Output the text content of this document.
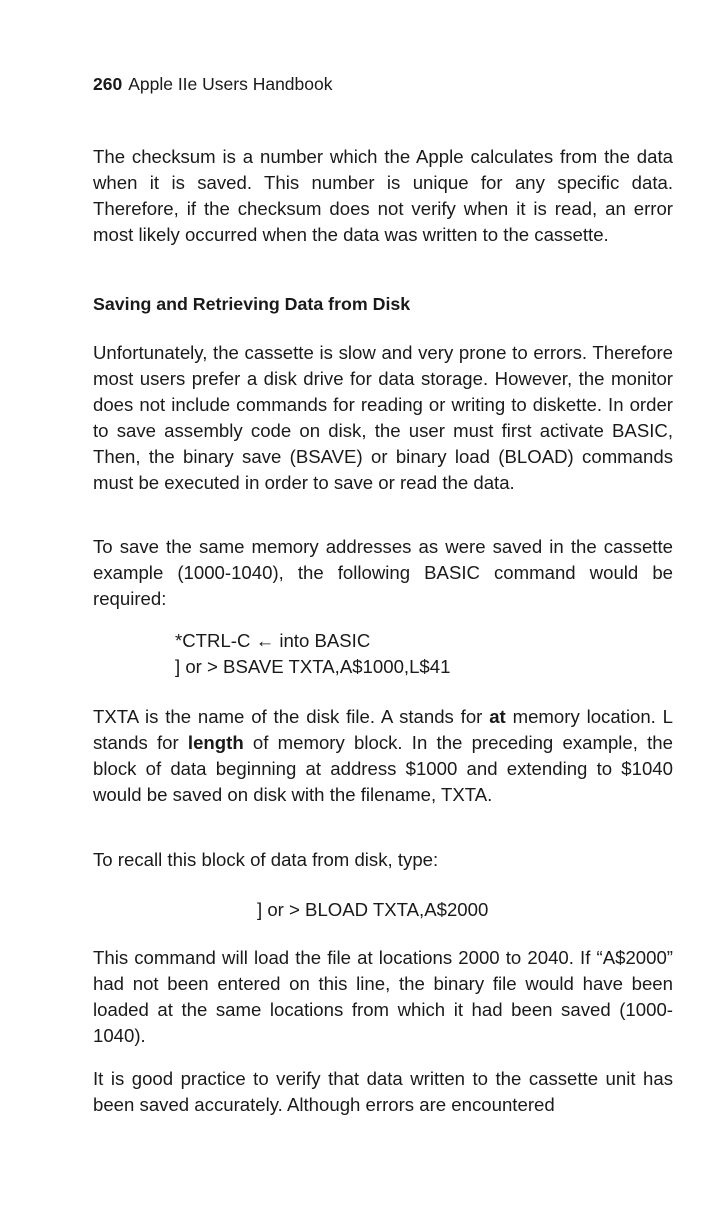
260 Apple IIe Users Handbook

The checksum is a number which the Apple calculates from the data when it is saved. This number is unique for any specific data. Therefore, if the checksum does not verify when it is read, an error most likely occurred when the data was written to the cassette.

Saving and Retrieving Data from Disk

Unfortunately, the cassette is slow and very prone to errors. Therefore most users prefer a disk drive for data storage. However, the monitor does not include commands for reading or writing to diskette. In order to save assembly code on disk, the user must first activate BASIC, Then, the binary save (BSAVE) or binary load (BLOAD) commands must be executed in order to save or read the data.

To save the same memory addresses as were saved in the cassette example (1000-1040), the following BASIC command would be required:

*CTRL-C ← into BASIC
] or > BSAVE TXTA,A$1000,L$41

TXTA is the name of the disk file. A stands for at memory location. L stands for length of memory block. In the preceding example, the block of data beginning at address $1000 and extending to $1040 would be saved on disk with the filename, TXTA.

To recall this block of data from disk, type:

] or > BLOAD TXTA,A$2000

This command will load the file at locations 2000 to 2040. If “A$2000” had not been entered on this line, the binary file would have been loaded at the same locations from which it had been saved (1000-1040).

It is good practice to verify that data written to the cassette unit has been saved accurately. Although errors are encountered
